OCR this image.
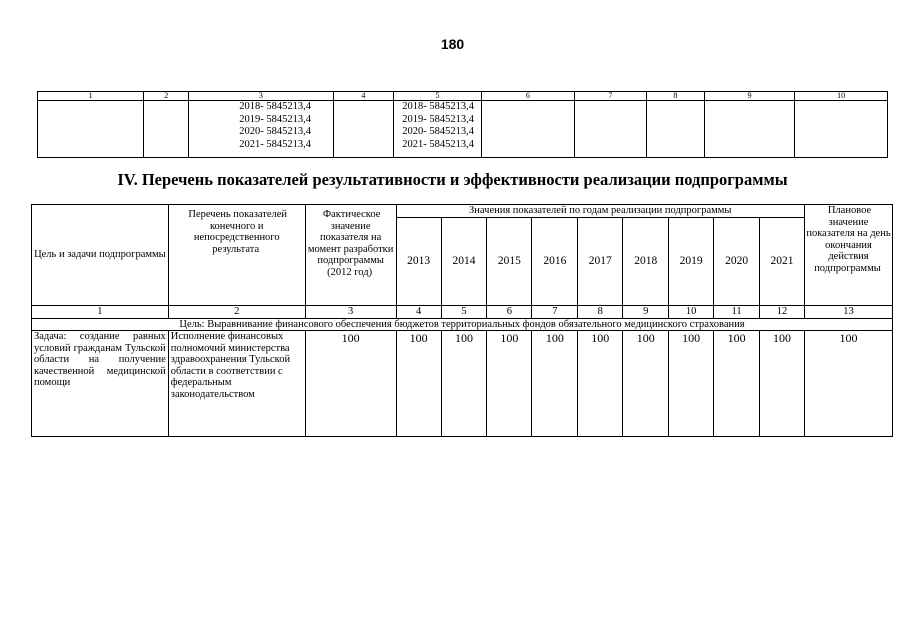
180
1	2	3	4	5	6	7	8	9	10

		2018- 5845213,4
2019- 5845213,4
2020- 5845213,4
2021- 5845213,4		2018- 5845213,4
2019- 5845213,4
2020- 5845213,4
2021- 5845213,4					

IV. Перечень показателей результативности и эффективности реализации подпрограммы
Цель и задачи подпрограммы	Перечень показателей конечного и непосредственного результата	Фактическое значение показателя на момент разработки подпрограммы (2012 год)	Значения показателей по годам реализации подпрограммы									Плановое значение показателя на день окончания действия подпрограммы
			2013	2014	2015	2016	2017	2018	2019	2020	2021	
1	2	3	4	5	6	7	8	9	10	11	12	13
Цель: Выравнивание финансового обеспечения бюджетов территориальных фондов обязательного медицинского страхования												
Задача: создание равных условий гражданам Тульской области на получение качественной медицинской помощи	Исполнение финансовых полномочий министерства здравоохранения Тульской области в соответствии с федеральным законодательством	100	100	100	100	100	100	100	100	100	100	100
